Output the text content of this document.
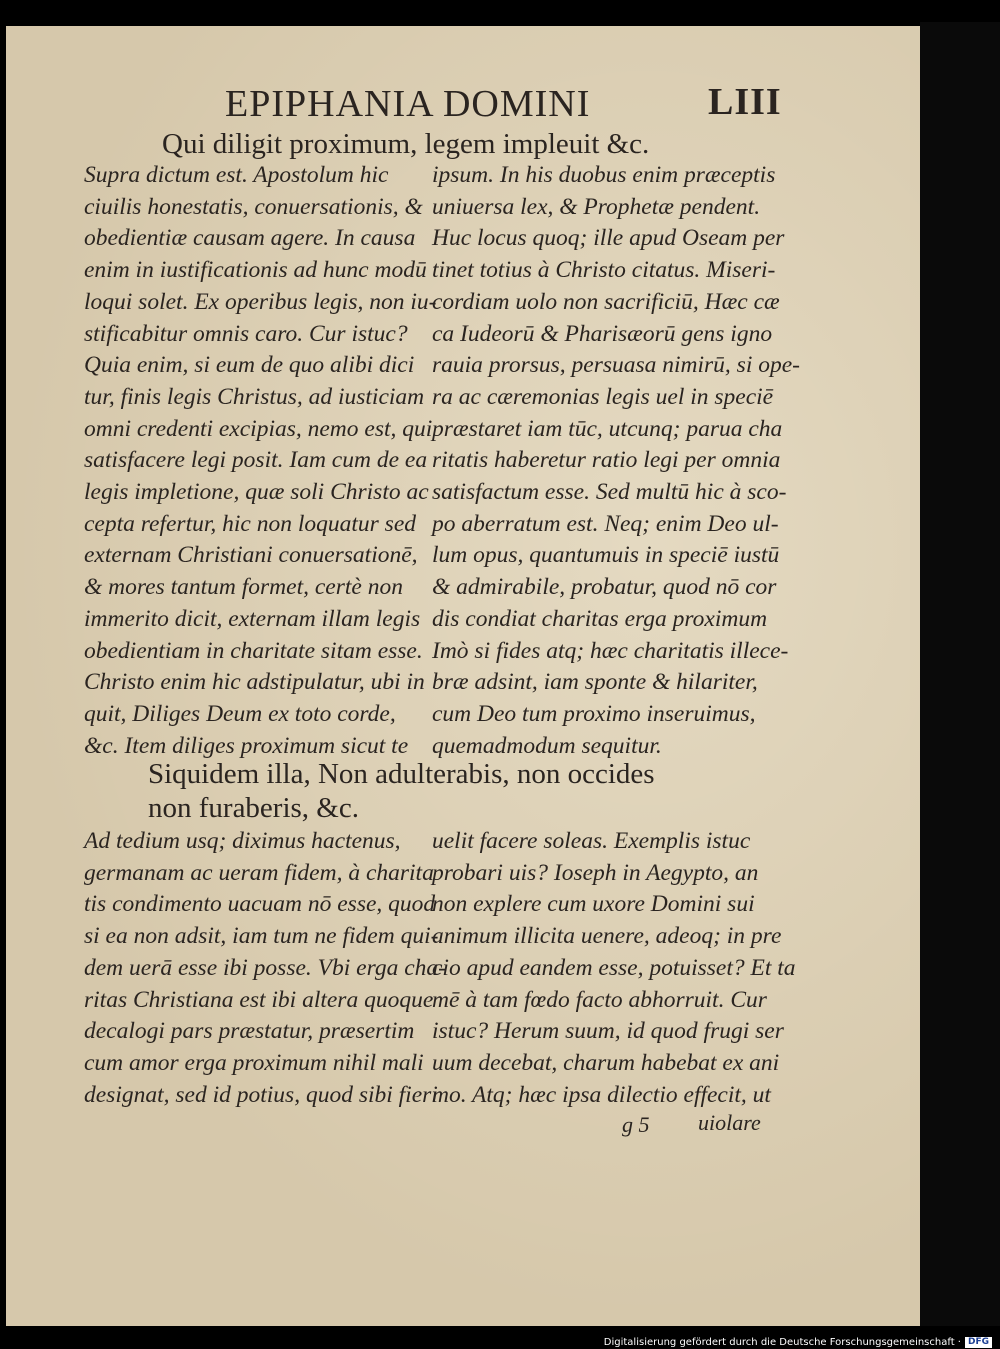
EPIPHANIA DOMINI	LIII
Qui diligit proximum, legem impleuit &c.
Supra dictum est. Apostolum hic
ciuilis honestatis, conuersationis, &
obedientiæ causam agere. In causa
enim in iustificationis ad hunc modū
loqui solet. Ex operibus legis, non iu-
stificabitur omnis caro. Cur istuc?
Quia enim, si eum de quo alibi dici
tur, finis legis Christus, ad iusticiam
omni credenti excipias, nemo est, qui
satisfacere legi posit. Iam cum de ea
legis impletione, quæ soli Christo ac
cepta refertur, hic non loquatur sed
externam Christiani conuersationē,
& mores tantum formet, certè non
immerito dicit, externam illam legis
obedientiam in charitate sitam esse.
Christo enim hic adstipulatur, ubi in
quit, Diliges Deum ex toto corde,
&c. Item diliges proximum sicut te
ipsum. In his duobus enim præceptis
uniuersa lex, & Prophetæ pendent.
Huc locus quoq; ille apud Oseam per
tinet totius à Christo citatus. Miseri-
cordiam uolo non sacrificiū, Hæc cæ
ca Iudeorū & Pharisæorū gens igno
rauia prorsus, persuasa nimirū, si ope-
ra ac cæremonias legis uel in speciē
præstaret iam tūc, utcunq; parua cha
ritatis haberetur ratio legi per omnia
satisfactum esse. Sed multū hic à sco-
po aberratum est. Neq; enim Deo ul-
lum opus, quantumuis in speciē iustū
& admirabile, probatur, quod nō cor
dis condiat charitas erga proximum
Imò si fides atq; hæc charitatis illece-
bræ adsint, iam sponte & hilariter,
cum Deo tum proximo inseruimus,
quemadmodum sequitur.
Siquidem illa, Non adulterabis, non occides
non furaberis, &c.
Ad tedium usq; diximus hactenus,
germanam ac ueram fidem, à charita
tis condimento uacuam nō esse, quod
si ea non adsit, iam tum ne fidem qui-
dem uerā esse ibi posse. Vbi erga cha-
ritas Christiana est ibi altera quoque
decalogi pars præstatur, præsertim
cum amor erga proximum nihil mali
designat, sed id potius, quod sibi fieri
uelit facere soleas. Exemplis istuc
probari uis? Ioseph in Aegypto, an
non explere cum uxore Domini sui
animum illicita uenere, adeoq; in pre
cio apud eandem esse, potuisset? Et ta
mē à tam fœdo facto abhorruit. Cur
istuc? Herum suum, id quod frugi ser
uum decebat, charum habebat ex ani
mo. Atq; hæc ipsa dilectio effecit, ut
g 5 uiolare
Digitalisierung gefördert durch die Deutsche Forschungsgemeinschaft · DFG
